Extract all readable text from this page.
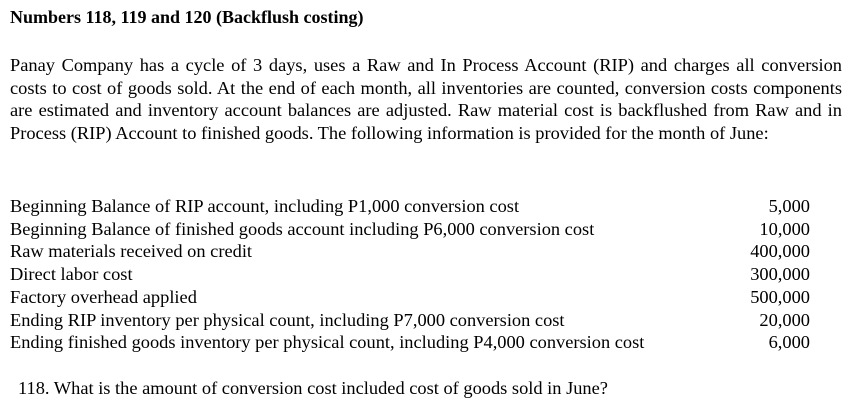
Numbers 118, 119 and 120 (Backflush costing)
Panay Company has a cycle of 3 days, uses a Raw and In Process Account (RIP) and charges all conversion costs to cost of goods sold. At the end of each month, all inventories are counted, conversion costs components are estimated and inventory account balances are adjusted. Raw material cost is backflushed from Raw and in Process (RIP) Account to finished goods. The following information is provided for the month of June:
Beginning Balance of RIP account, including P1,000 conversion cost	5,000
Beginning Balance of finished goods account including P6,000 conversion cost	10,000
Raw materials received on credit	400,000
Direct labor cost	300,000
Factory overhead applied	500,000
Ending RIP inventory per physical count, including P7,000 conversion cost	20,000
Ending finished goods inventory per physical count, including P4,000 conversion cost	6,000
118. What is the amount of conversion cost included cost of goods sold in June?
